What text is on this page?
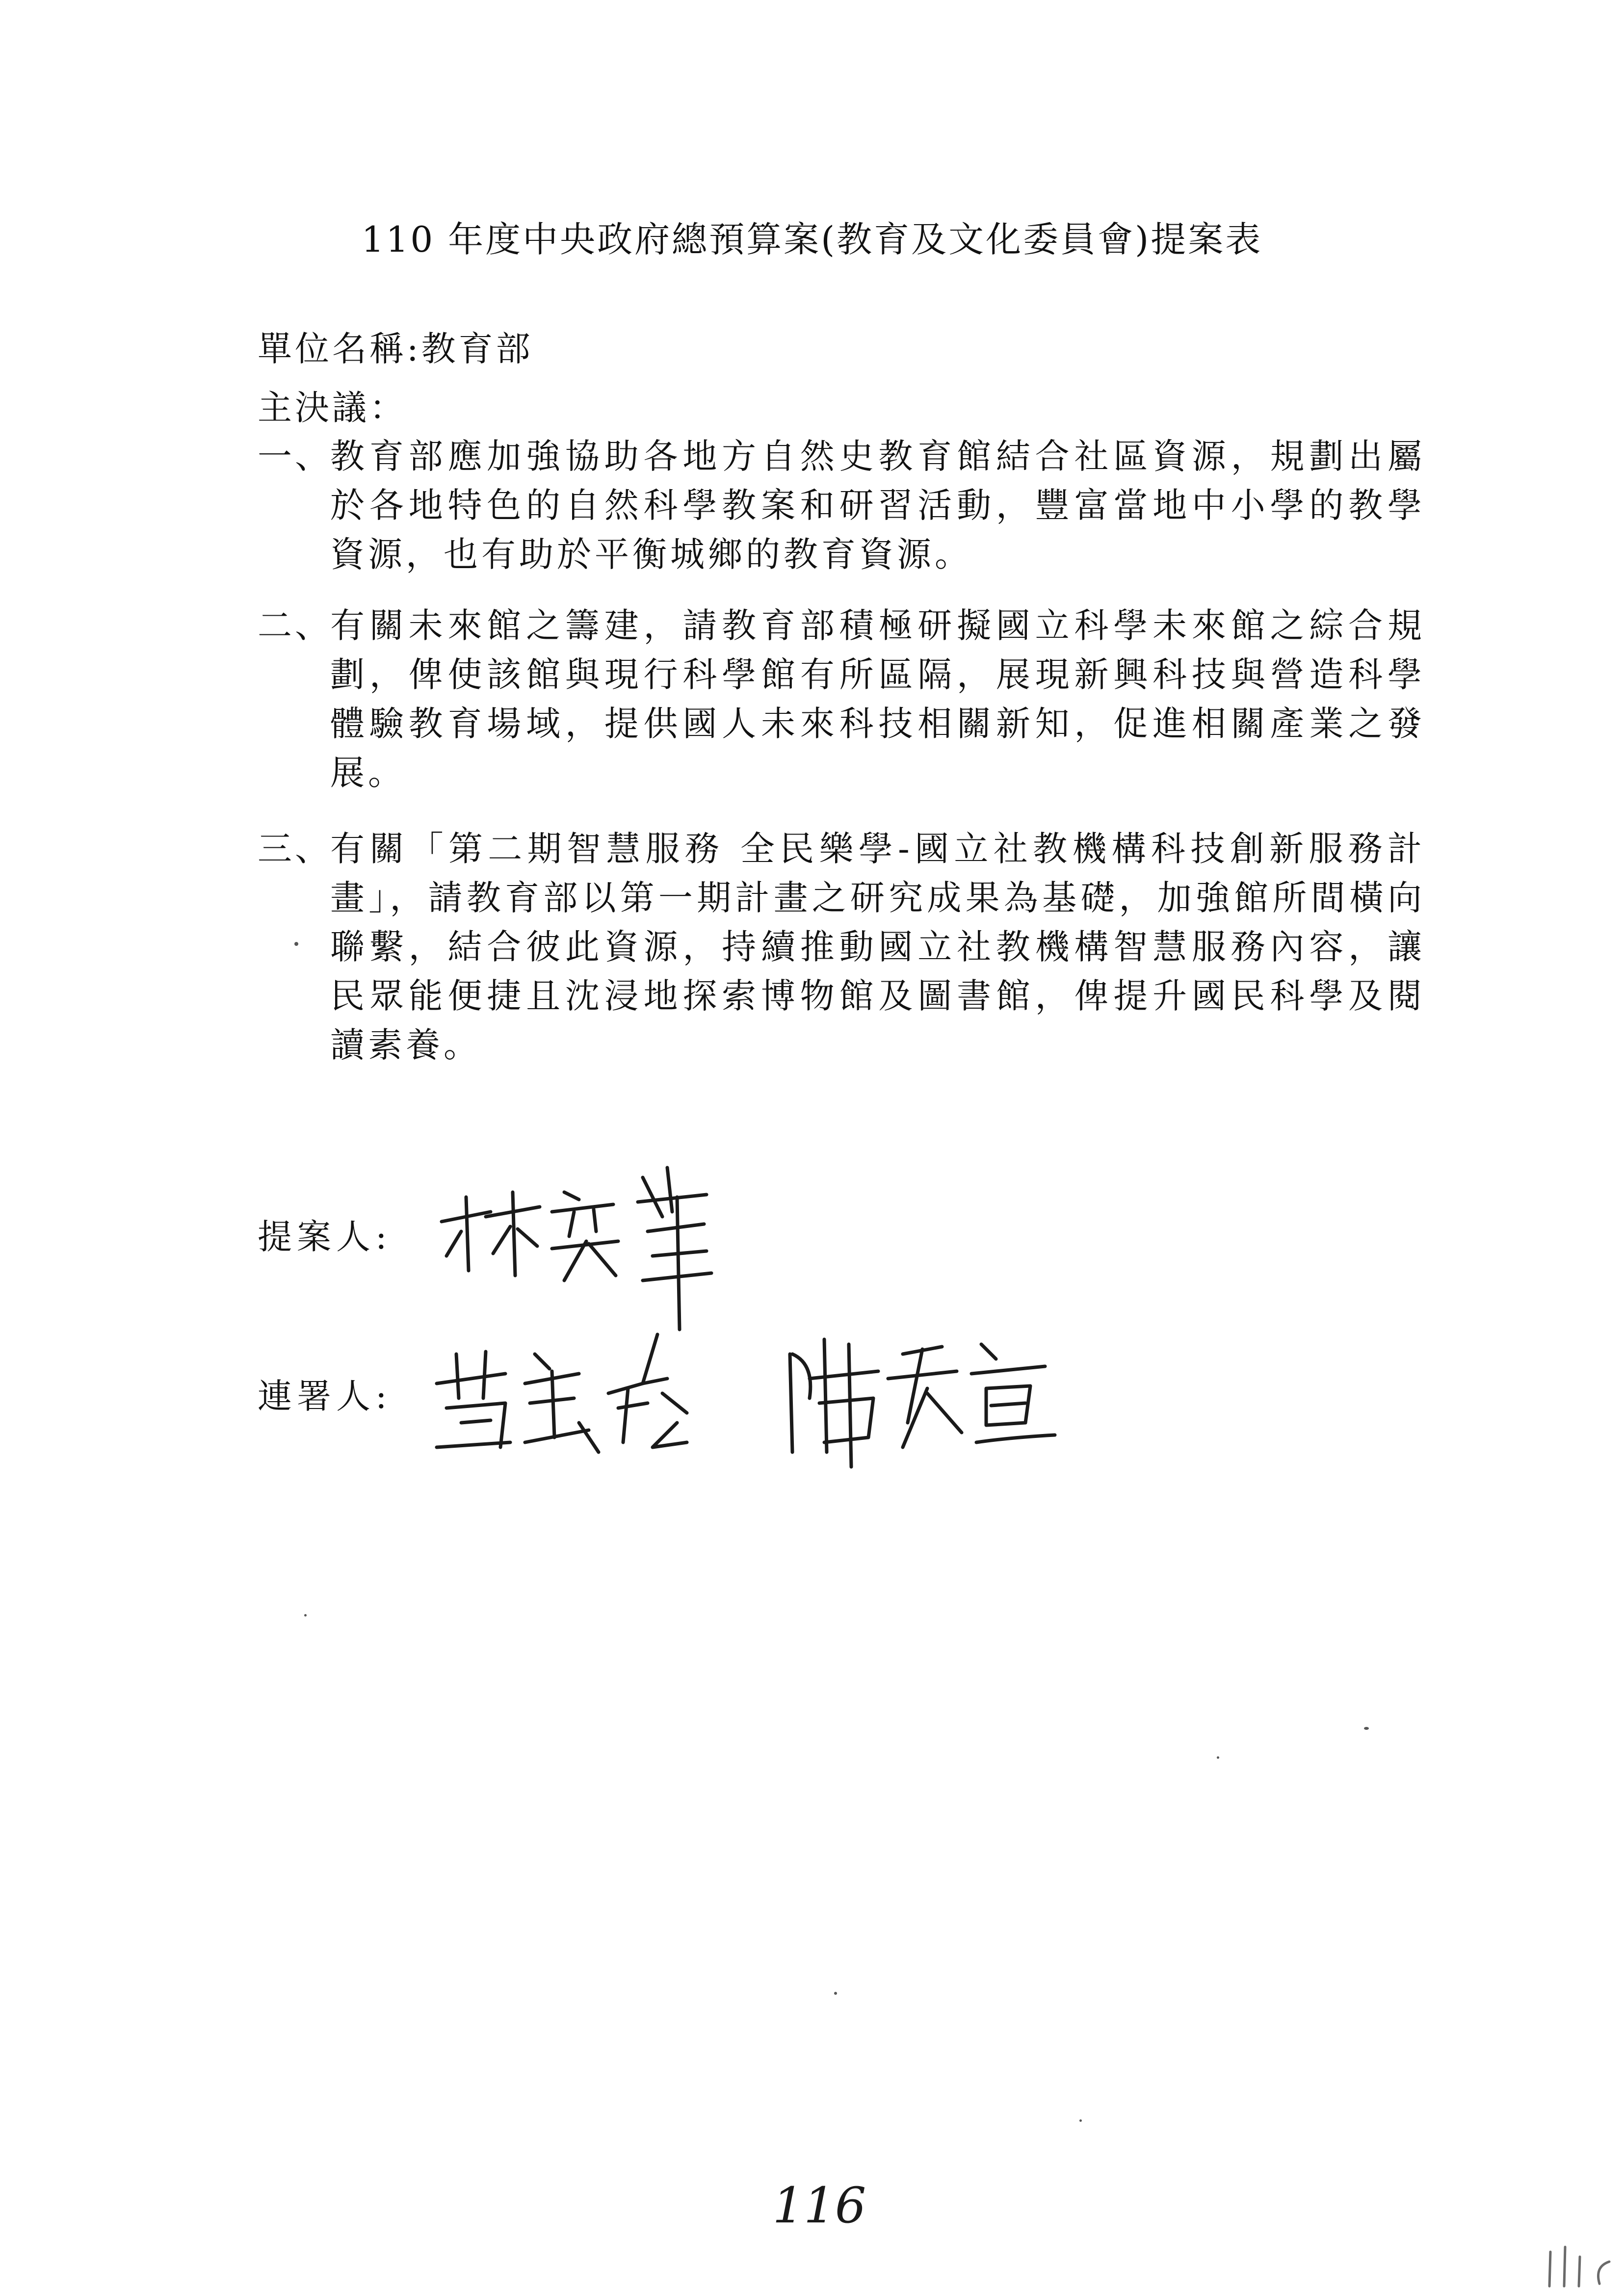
110 年度中央政府總預算案(教育及文化委員會)提案表
單位名稱:教育部
主決議：
一、
教育部應加強協助各地方自然史教育館結合社區資源，規劃出屬於各地特色的自然科學教案和研習活動，豐富當地中小學的教學資源，也有助於平衡城鄉的教育資源。
二、
有關未來館之籌建，請教育部積極研擬國立科學未來館之綜合規劃，俾使該館與現行科學館有所區隔，展現新興科技與營造科學體驗教育場域，提供國人未來科技相關新知，促進相關產業之發展。
三、
有關「第二期智慧服務 全民樂學-國立社教機構科技創新服務計畫」，請教育部以第一期計畫之研究成果為基礎，加強館所間橫向聯繫，結合彼此資源，持續推動國立社教機構智慧服務內容，讓民眾能便捷且沈浸地探索博物館及圖書館，俾提升國民科學及閱讀素養。
提案人:
連署人:
116
